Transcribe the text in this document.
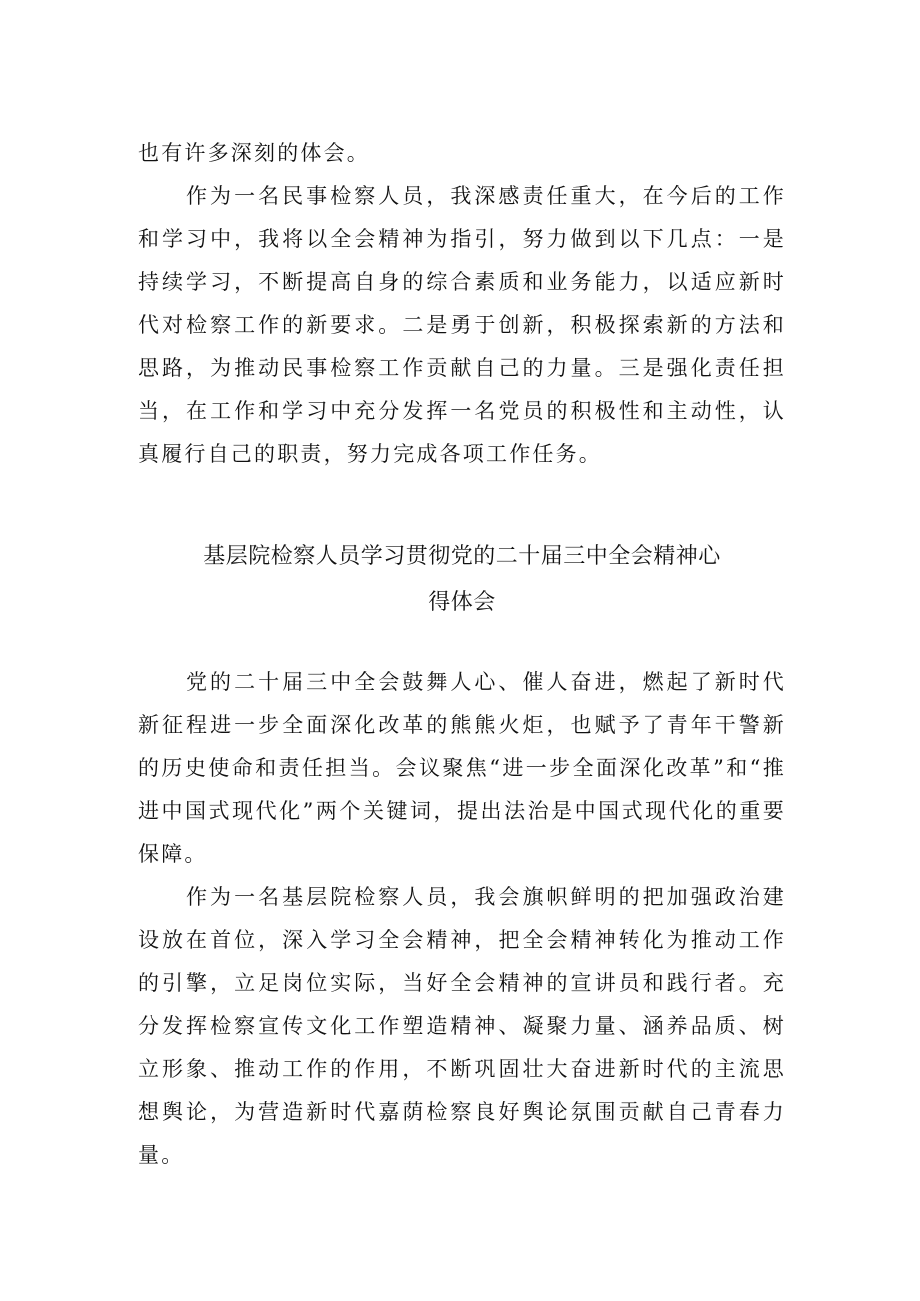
也有许多深刻的体会。

作为一名民事检察人员，我深感责任重大，在今后的工作和学习中，我将以全会精神为指引，努力做到以下几点：一是持续学习，不断提高自身的综合素质和业务能力，以适应新时代对检察工作的新要求。二是勇于创新，积极探索新的方法和思路，为推动民事检察工作贡献自己的力量。三是强化责任担当，在工作和学习中充分发挥一名党员的积极性和主动性，认真履行自己的职责，努力完成各项工作任务。

基层院检察人员学习贯彻党的二十届三中全会精神心
得体会

党的二十届三中全会鼓舞人心、催人奋进，燃起了新时代新征程进一步全面深化改革的熊熊火炬，也赋予了青年干警新的历史使命和责任担当。会议聚焦“进一步全面深化改革”和“推进中国式现代化”两个关键词，提出法治是中国式现代化的重要保障。

作为一名基层院检察人员，我会旗帜鲜明的把加强政治建设放在首位，深入学习全会精神，把全会精神转化为推动工作的引擎，立足岗位实际，当好全会精神的宣讲员和践行者。充分发挥检察宣传文化工作塑造精神、凝聚力量、涵养品质、树立形象、推动工作的作用，不断巩固壮大奋进新时代的主流思想舆论，为营造新时代嘉荫检察良好舆论氛围贡献自己青春力量。
